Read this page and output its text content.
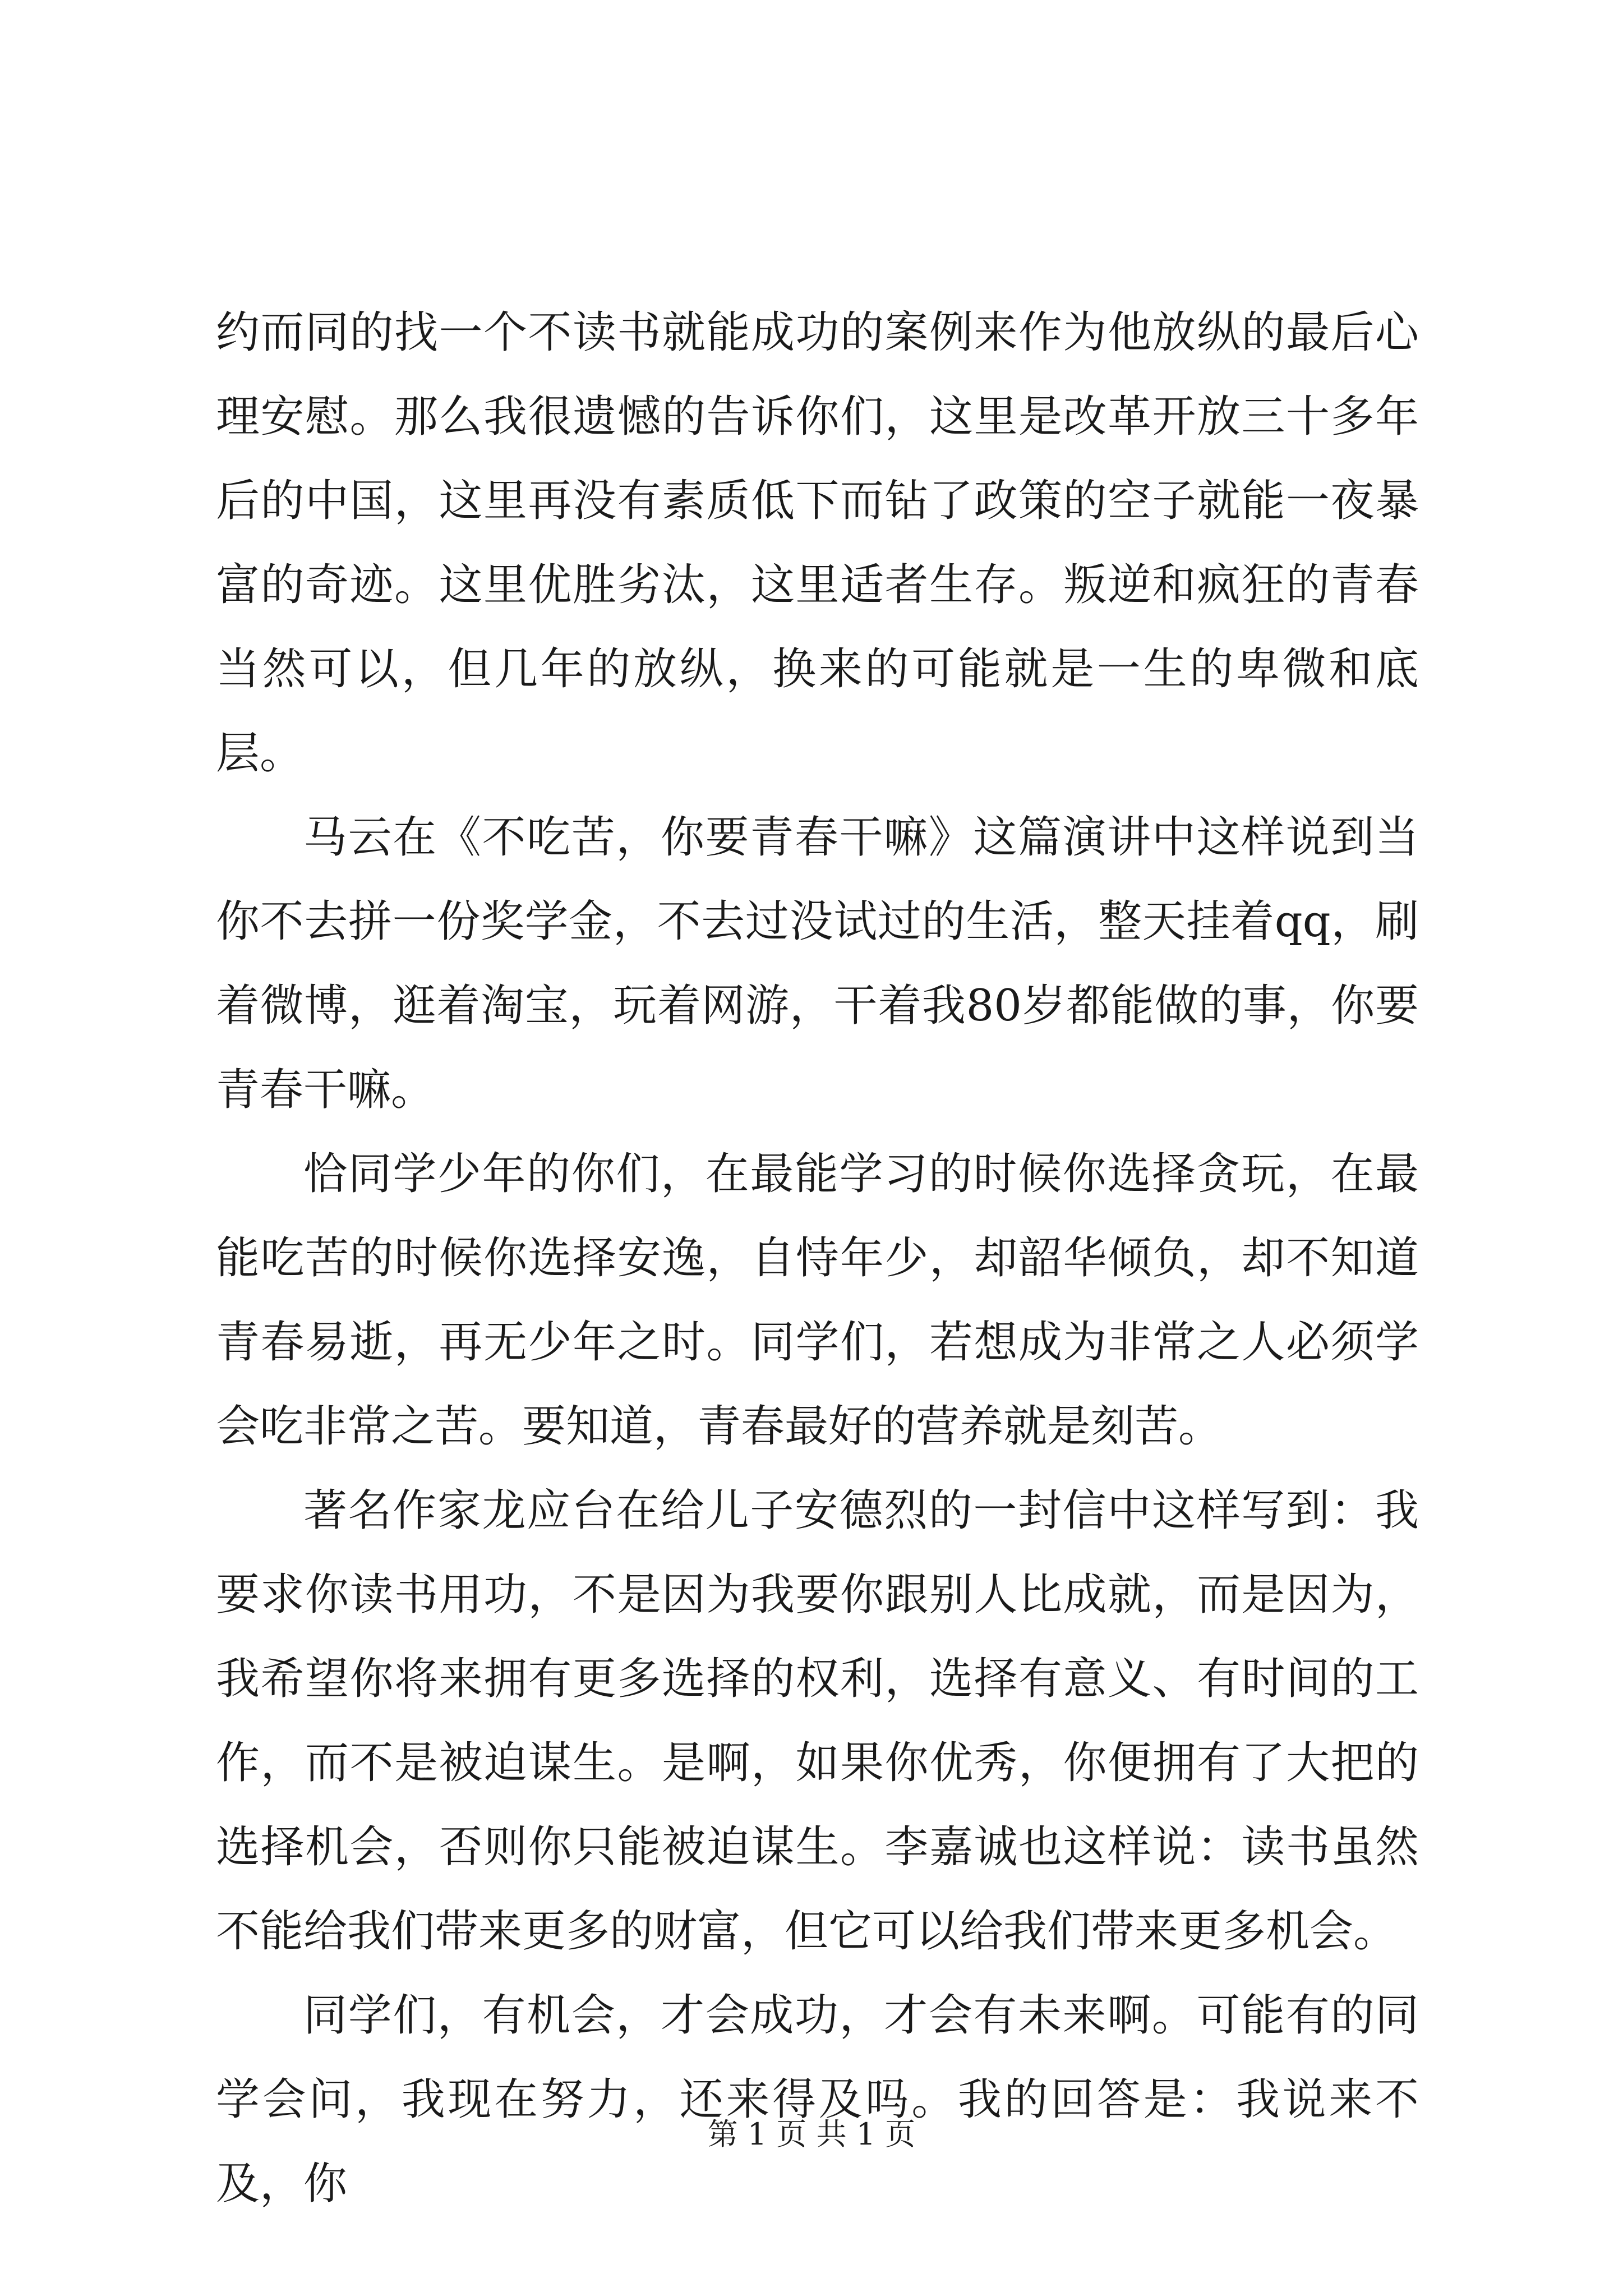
约而同的找一个不读书就能成功的案例来作为他放纵的最后心理安慰。那么我很遗憾的告诉你们，这里是改革开放三十多年后的中国，这里再没有素质低下而钻了政策的空子就能一夜暴富的奇迹。这里优胜劣汰，这里适者生存。叛逆和疯狂的青春当然可以，但几年的放纵，换来的可能就是一生的卑微和底层。

马云在《不吃苦，你要青春干嘛》这篇演讲中这样说到当你不去拼一份奖学金，不去过没试过的生活，整天挂着qq，刷着微博，逛着淘宝，玩着网游，干着我80岁都能做的事，你要青春干嘛。

恰同学少年的你们，在最能学习的时候你选择贪玩，在最能吃苦的时候你选择安逸，自恃年少，却韶华倾负，却不知道青春易逝，再无少年之时。同学们，若想成为非常之人必须学会吃非常之苦。要知道，青春最好的营养就是刻苦。

著名作家龙应台在给儿子安德烈的一封信中这样写到：我要求你读书用功，不是因为我要你跟别人比成就，而是因为，我希望你将来拥有更多选择的权利，选择有意义、有时间的工作，而不是被迫谋生。是啊，如果你优秀，你便拥有了大把的选择机会，否则你只能被迫谋生。李嘉诚也这样说：读书虽然不能给我们带来更多的财富，但它可以给我们带来更多机会。

同学们，有机会，才会成功，才会有未来啊。可能有的同学会问，我现在努力，还来得及吗。我的回答是：我说来不及，你

第 1 页 共 1 页
